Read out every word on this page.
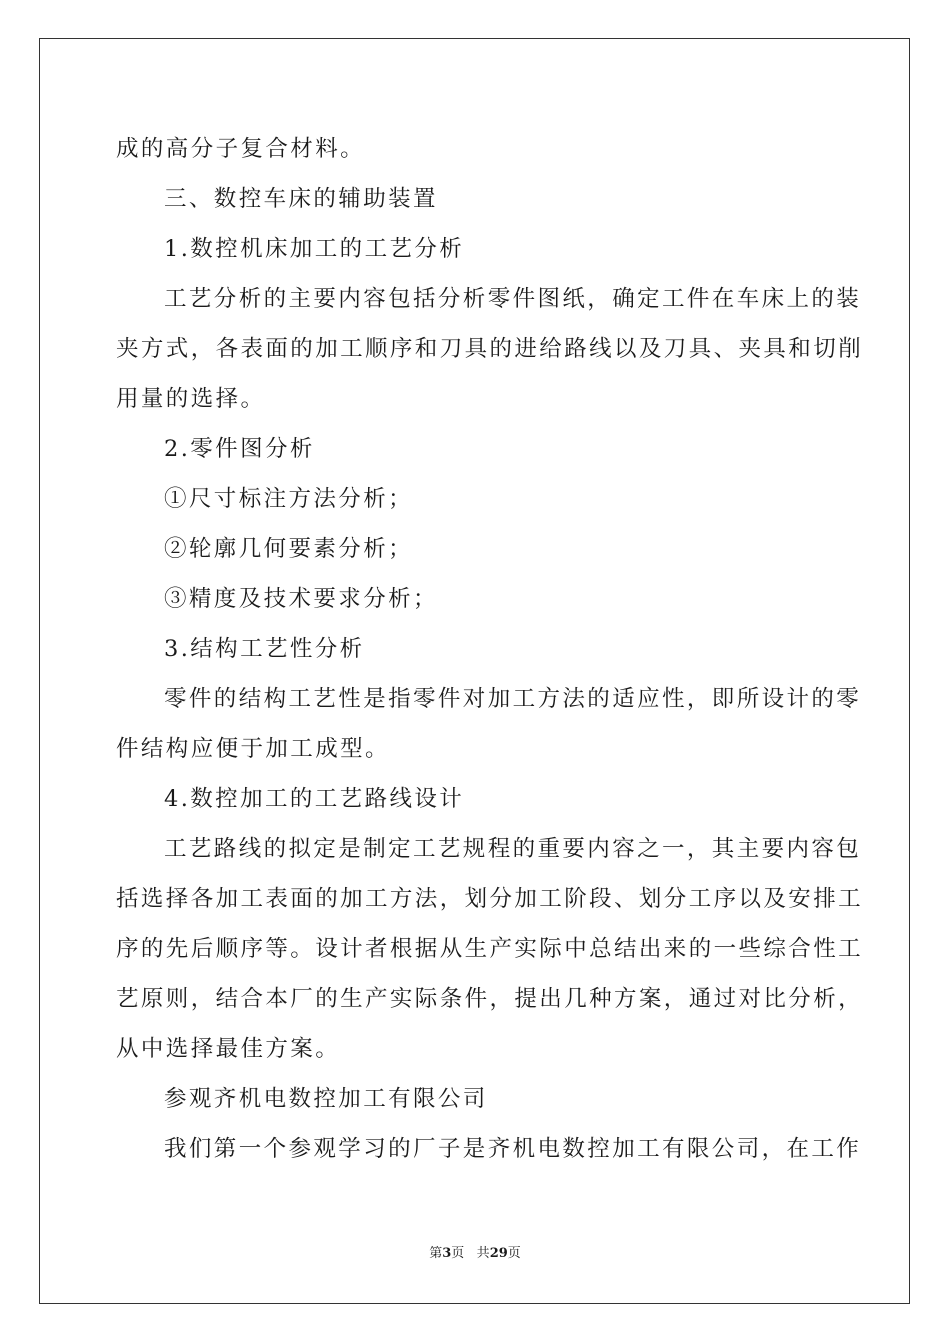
成的高分子复合材料。
三、数控车床的辅助装置
1.数控机床加工的工艺分析
工艺分析的主要内容包括分析零件图纸，确定工件在车床上的装
夹方式，各表面的加工顺序和刀具的进给路线以及刀具、夹具和切削
用量的选择。
2.零件图分析
①尺寸标注方法分析；
②轮廓几何要素分析；
③精度及技术要求分析；
3.结构工艺性分析
零件的结构工艺性是指零件对加工方法的适应性，即所设计的零
件结构应便于加工成型。
4.数控加工的工艺路线设计
工艺路线的拟定是制定工艺规程的重要内容之一，其主要内容包
括选择各加工表面的加工方法，划分加工阶段、划分工序以及安排工
序的先后顺序等。设计者根据从生产实际中总结出来的一些综合性工
艺原则，结合本厂的生产实际条件，提出几种方案，通过对比分析，
从中选择最佳方案。
参观齐机电数控加工有限公司
我们第一个参观学习的厂子是齐机电数控加工有限公司，在工作
第3页 共29页
